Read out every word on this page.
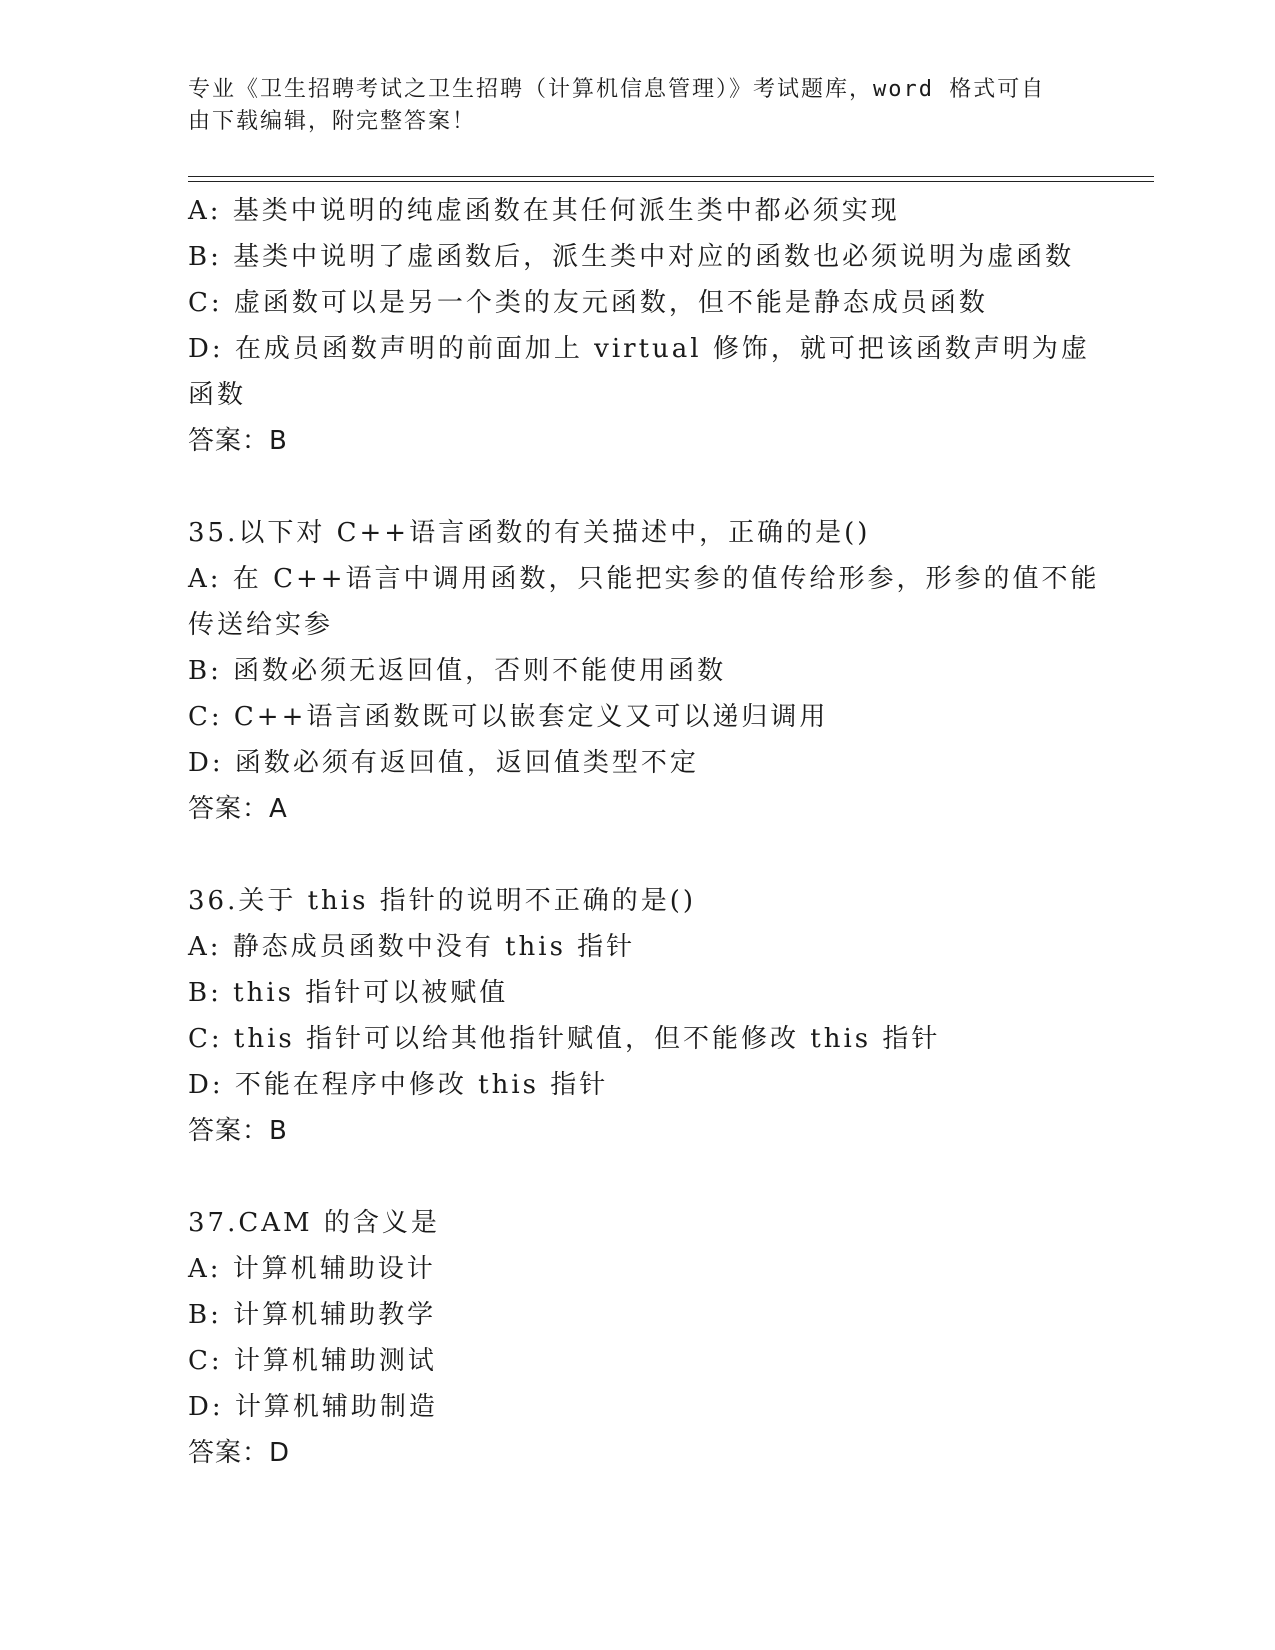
专业《卫生招聘考试之卫生招聘（计算机信息管理）》考试题库，word 格式可自
由下载编辑，附完整答案！
A: 基类中说明的纯虚函数在其任何派生类中都必须实现
B: 基类中说明了虚函数后，派生类中对应的函数也必须说明为虚函数
C: 虚函数可以是另一个类的友元函数，但不能是静态成员函数
D: 在成员函数声明的前面加上 virtual 修饰，就可把该函数声明为虚
函数
答案：B
35.以下对 C++语言函数的有关描述中，正确的是()
A: 在 C++语言中调用函数，只能把实参的值传给形参，形参的值不能
传送给实参
B: 函数必须无返回值，否则不能使用函数
C: C++语言函数既可以嵌套定义又可以递归调用
D: 函数必须有返回值，返回值类型不定
答案：A
36.关于 this 指针的说明不正确的是()
A: 静态成员函数中没有 this 指针
B: this 指针可以被赋值
C: this 指针可以给其他指针赋值，但不能修改 this 指针
D: 不能在程序中修改 this 指针
答案：B
37.CAM 的含义是
A: 计算机辅助设计
B: 计算机辅助教学
C: 计算机辅助测试
D: 计算机辅助制造
答案：D
